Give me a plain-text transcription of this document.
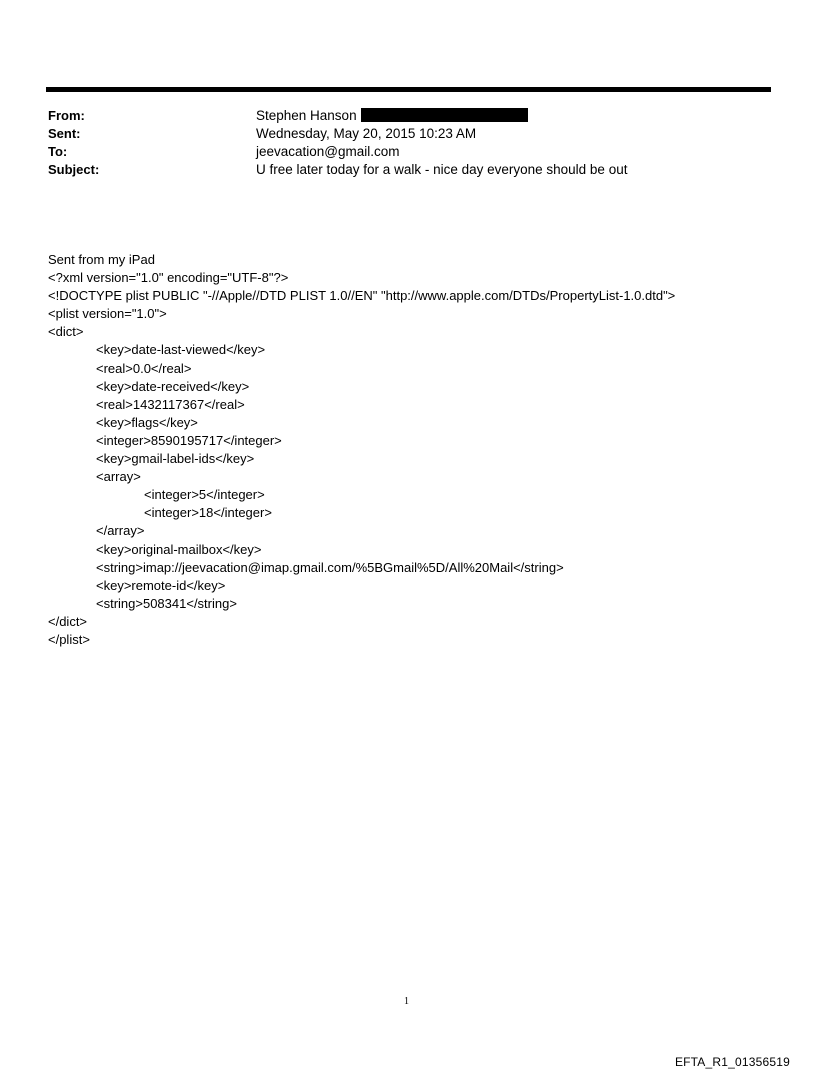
From:	Stephen Hanson
Sent:	Wednesday, May 20, 2015 10:23 AM
To:	jeevacation@gmail.com
Subject:	U free later today for a walk - nice day everyone should be out
Sent from my iPad
<?xml version="1.0" encoding="UTF-8"?>
<!DOCTYPE plist PUBLIC "-//Apple//DTD PLIST 1.0//EN" "http://www.apple.com/DTDs/PropertyList-1.0.dtd">
<plist version="1.0">
<dict>
<key>date-last-viewed</key>
<real>0.0</real>
<key>date-received</key>
<real>1432117367</real>
<key>flags</key>
<integer>8590195717</integer>
<key>gmail-label-ids</key>
<array>
<integer>5</integer>
<integer>18</integer>
</array>
<key>original-mailbox</key>
<string>imap://jeevacation@imap.gmail.com/%5BGmail%5D/All%20Mail</string>
<key>remote-id</key>
<string>508341</string>
</dict>
</plist>
1
EFTA_R1_01356519
